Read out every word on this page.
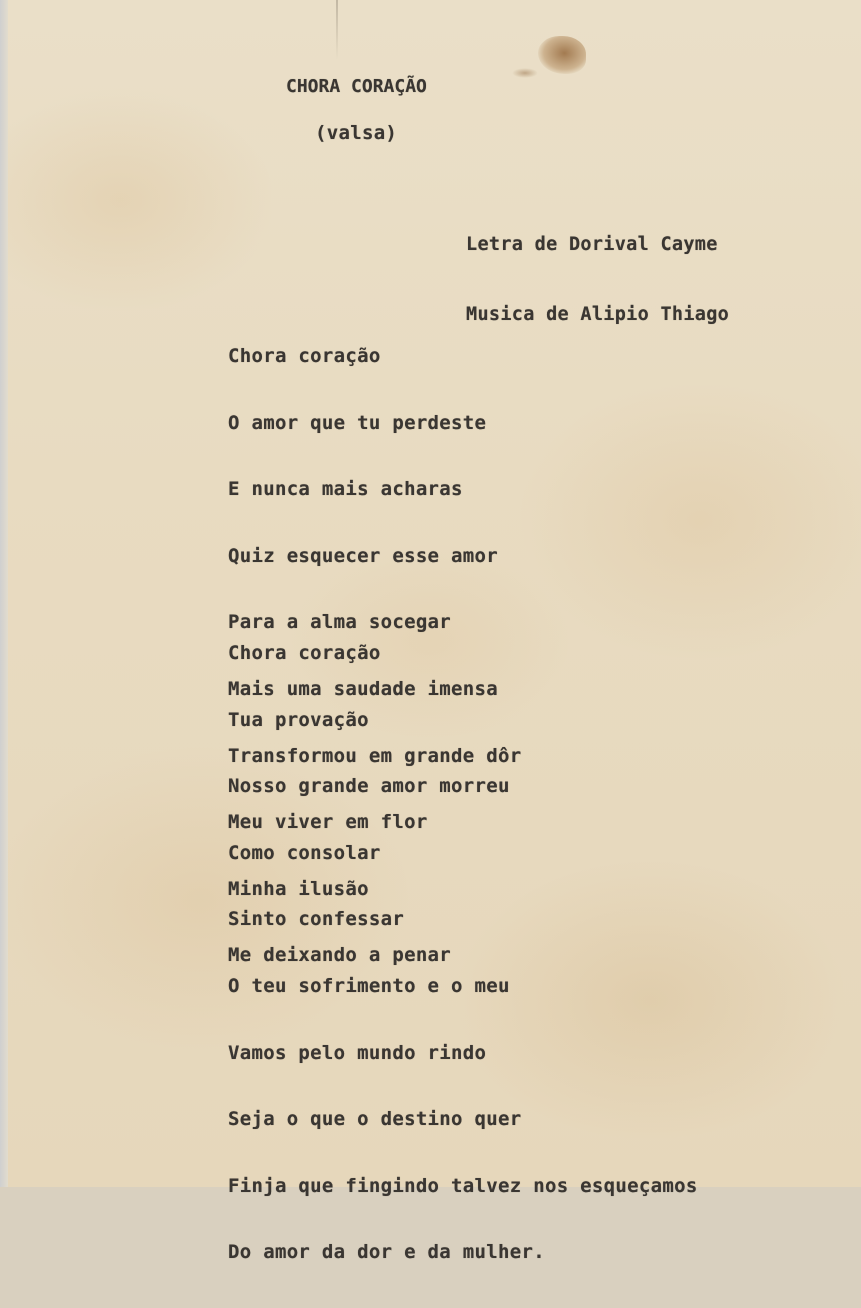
CHORA CORAÇÃO
(valsa)

Letra de Dorival Cayme

Musica de Alipio Thiago

Chora coração

O amor que tu perdeste

E nunca mais acharas

Quiz esquecer esse amor

Para a alma socegar

Mais uma saudade imensa

Transformou em grande dôr

Meu viver em flor

Minha ilusão

Me deixando a penar

Chora coração

Tua provação

Nosso grande amor morreu

Como consolar

Sinto confessar

O teu sofrimento e o meu

Vamos pelo mundo rindo

Seja o que o destino quer

Finja que fingindo talvez nos esqueçamos

Do amor da dor e da mulher.
